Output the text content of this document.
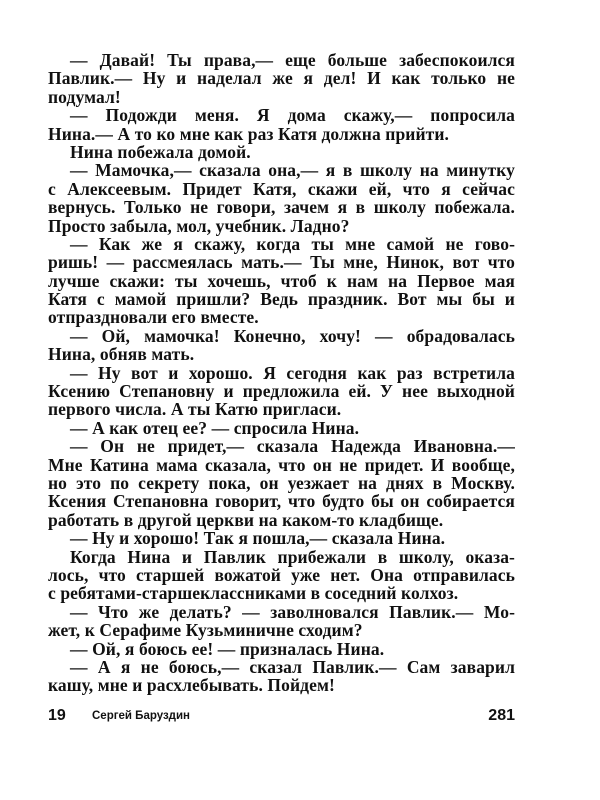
— Давай! Ты права,— еще больше забеспокоился
Павлик.— Ну и наделал же я дел! И как только не
подумал!
— Подожди меня. Я дома скажу,— попросила
Нина.— А то ко мне как раз Катя должна прийти.
Нина побежала домой.
— Мамочка,— сказала она,— я в школу на минутку
с Алексеевым. Придет Катя, скажи ей, что я сейчас
вернусь. Только не говори, зачем я в школу побежала.
Просто забыла, мол, учебник. Ладно?
— Как же я скажу, когда ты мне самой не гово-
ришь! — рассмеялась мать.— Ты мне, Нинок, вот что
лучше скажи: ты хочешь, чтоб к нам на Первое мая
Катя с мамой пришли? Ведь праздник. Вот мы бы и
отпраздновали его вместе.
— Ой, мамочка! Конечно, хочу! — обрадовалась
Нина, обняв мать.
— Ну вот и хорошо. Я сегодня как раз встретила
Ксению Степановну и предложила ей. У нее выходной
первого числа. А ты Катю пригласи.
— А как отец ее? — спросила Нина.
— Он не придет,— сказала Надежда Ивановна.—
Мне Катина мама сказала, что он не придет. И вообще,
но это по секрету пока, он уезжает на днях в Москву.
Ксения Степановна говорит, что будто бы он собирается
работать в другой церкви на каком-то кладбище.
— Ну и хорошо! Так я пошла,— сказала Нина.
Когда Нина и Павлик прибежали в школу, оказа-
лось, что старшей вожатой уже нет. Она отправилась
с ребятами-старшеклассниками в соседний колхоз.
— Что же делать? — заволновался Павлик.— Мо-
жет, к Серафиме Кузьминичне сходим?
— Ой, я боюсь ее! — призналась Нина.
— А я не боюсь,— сказал Павлик.— Сам заварил
кашу, мне и расхлебывать. Пойдем!
19 Сергей Баруздин	281
